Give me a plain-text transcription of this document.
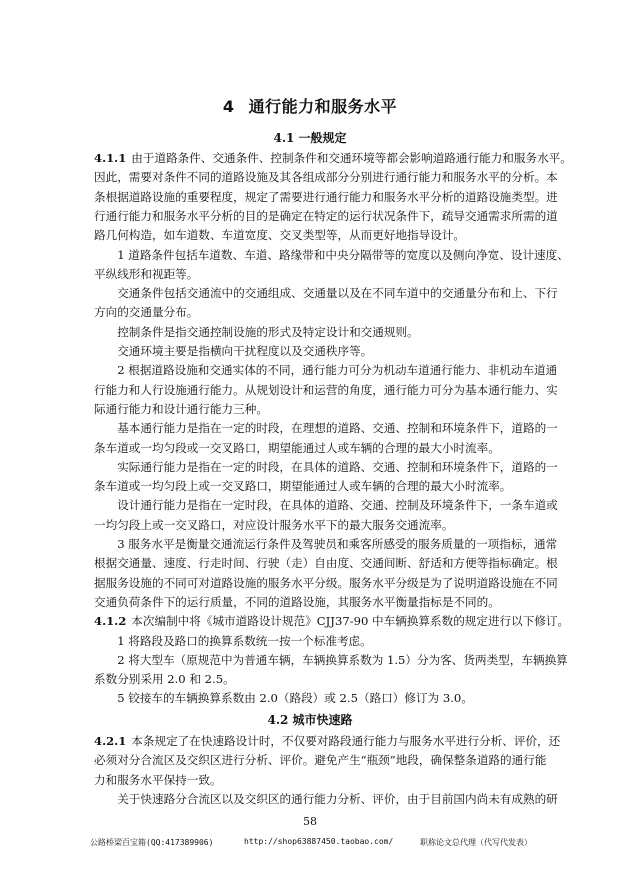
4 通行能力和服务水平
4.1 一般规定
4.1.1 由于道路条件、交通条件、控制条件和交通环境等都会影响道路通行能力和服务水平。
因此，需要对条件不同的道路设施及其各组成部分分别进行通行能力和服务水平的分析。本
条根据道路设施的重要程度，规定了需要进行通行能力和服务水平分析的道路设施类型。进
行通行能力和服务水平分析的目的是确定在特定的运行状况条件下，疏导交通需求所需的道
路几何构造，如车道数、车道宽度、交叉类型等，从而更好地指导设计。
　　1 道路条件包括车道数、车道、路缘带和中央分隔带等的宽度以及侧向净宽、设计速度、
平纵线形和视距等。
　　交通条件包括交通流中的交通组成、交通量以及在不同车道中的交通量分布和上、下行
方向的交通量分布。
　　控制条件是指交通控制设施的形式及特定设计和交通规则。
　　交通环境主要是指横向干扰程度以及交通秩序等。
　　2 根据道路设施和交通实体的不同，通行能力可分为机动车道通行能力、非机动车道通
行能力和人行设施通行能力。从规划设计和运营的角度，通行能力可分为基本通行能力、实
际通行能力和设计通行能力三种。
　　基本通行能力是指在一定的时段，在理想的道路、交通、控制和环境条件下，道路的一
条车道或一均匀段或一交叉路口，期望能通过人或车辆的合理的最大小时流率。
　　实际通行能力是指在一定的时段，在具体的道路、交通、控制和环境条件下，道路的一
条车道或一均匀段上或一交叉路口，期望能通过人或车辆的合理的最大小时流率。
　　设计通行能力是指在一定时段，在具体的道路、交通、控制及环境条件下，一条车道或
一均匀段上或一交叉路口，对应设计服务水平下的最大服务交通流率。
　　3 服务水平是衡量交通流运行条件及驾驶员和乘客所感受的服务质量的一项指标，通常
根据交通量、速度、行走时间、行驶（走）自由度、交通间断、舒适和方便等指标确定。根
据服务设施的不同可对道路设施的服务水平分级。服务水平分级是为了说明道路设施在不同
交通负荷条件下的运行质量，不同的道路设施，其服务水平衡量指标是不同的。
4.1.2 本次编制中将《城市道路设计规范》CJJ37-90 中车辆换算系数的规定进行以下修订。
　　1 将路段及路口的换算系数统一按一个标准考虑。
　　2 将大型车（原规范中为普通车辆，车辆换算系数为 1.5）分为客、货两类型，车辆换算
系数分别采用 2.0 和 2.5。
　　5 铰接车的车辆换算系数由 2.0（路段）或 2.5（路口）修订为 3.0。
4.2.1 本条规定了在快速路设计时，不仅要对路段通行能力与服务水平进行分析、评价，还
必须对分合流区及交织区进行分析、评价。避免产生“瓶颈”地段，确保整条道路的通行能
力和服务水平保持一致。
　　关于快速路分合流区以及交织区的通行能力分析、评价，由于目前国内尚未有成熟的研
4.2 城市快速路
58
公路桥梁百宝箱(QQ:417389906)	http://shop63887450.taobao.com/	职称论文总代理（代写代发表）
